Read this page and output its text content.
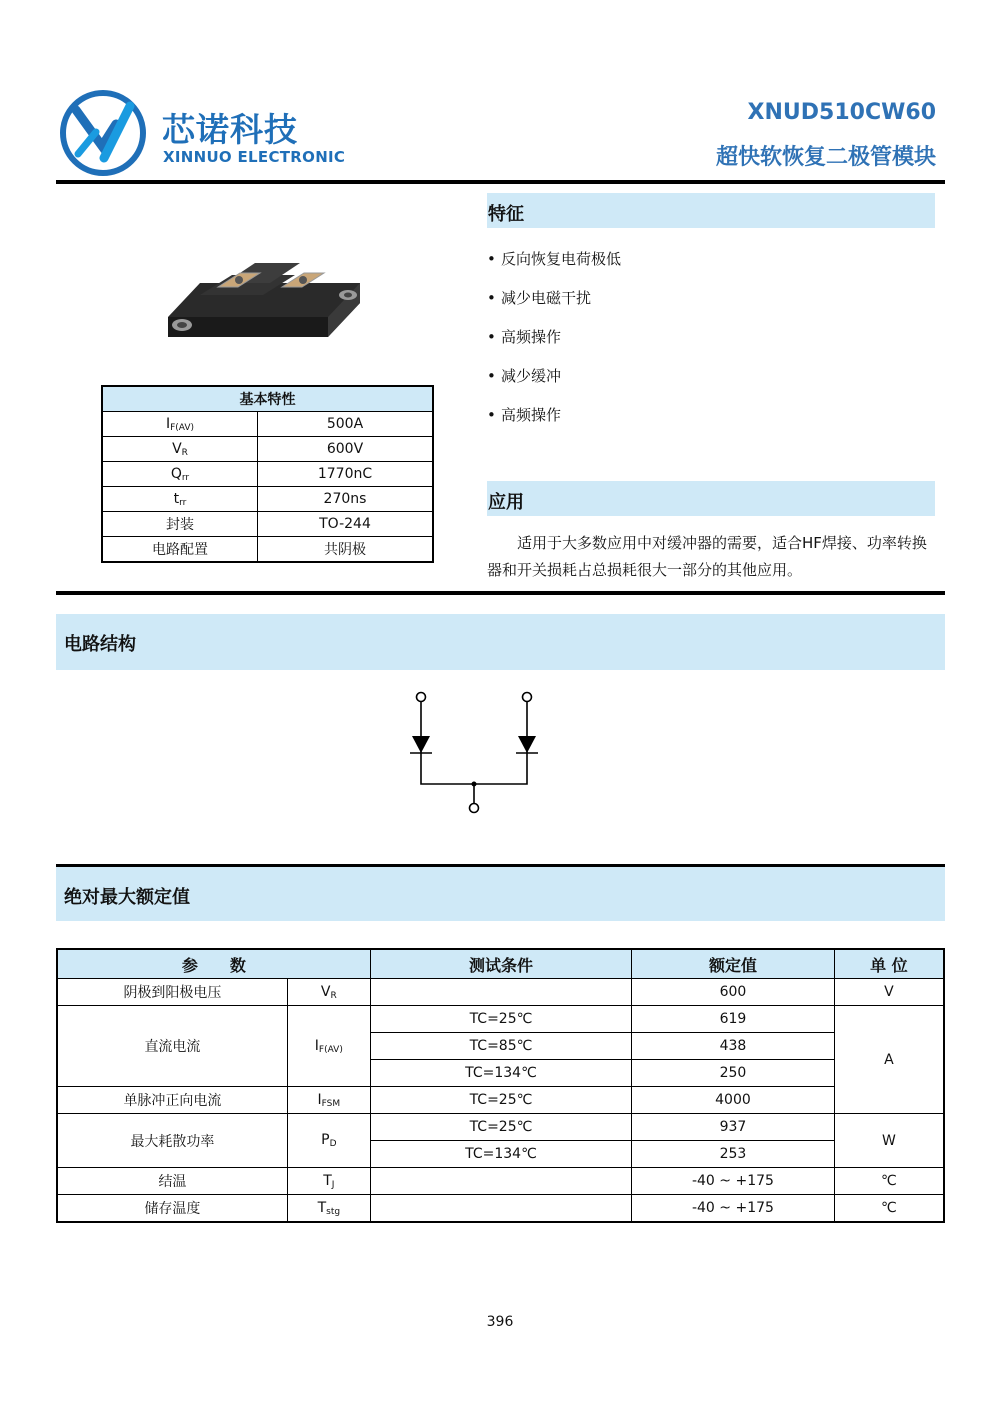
芯诺科技
XINNUO ELECTRONIC
XNUD510CW60
超快软恢复二极管模块
基本特性	
$I_{F(AV)}$	500A
$V_R$	600V
$Q_{rr}$	1770nC
$t_{rr}$	270ns
封装	TO-244
电路配置	共阴极
特征
• 反向恢复电荷极低
• 减少电磁干扰
• 高频操作
• 减少缓冲
• 高频操作
应用
适用于大多数应用中对缓冲器的需要，适合HF焊接、功率转换器和开关损耗占总损耗很大一部分的其他应用。
电路结构
绝对最大额定值
参　　数		测试条件	额定值	单 位
阴极到阳极电压	$V_R$		600	V
直流电流	$I_{F(AV)}$	TC=25℃	619	A
		TC=85℃	438	
		TC=134℃	250	
单脉冲正向电流	$I_{FSM}$	TC=25℃	4000	
最大耗散功率	$P_D$	TC=25℃	937	W
		TC=134℃	253	
结温	$T_J$		-40 ~ +175	℃
储存温度	$T_{stg}$		-40 ~ +175	℃
396
